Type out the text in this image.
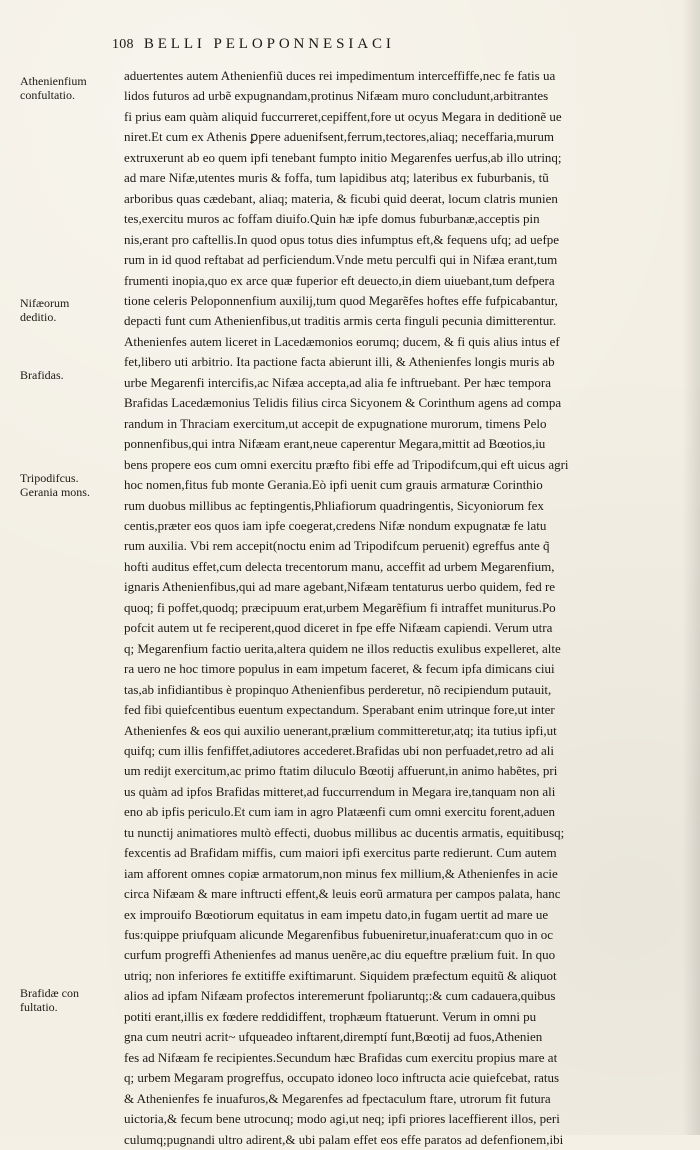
108 BELLI PELOPONNESIACI
Athenienfium
confultatio.
Nifæorum
deditio.
Brafidas.
Tripodifcus.
Gerania mons.
Brafidæ con
fultatio.
aduertentes autem Athenienfiũ duces rei impedimentum interceffiffe,nec fe fatis ua
lidos futuros ad urbẽ expugnandam,protinus Nifæam muro concludunt,arbitrantes
fi prius eam quàm aliquid fuccurreret,cepiffent,fore ut ocyus Megara in deditionẽ ue
niret.Et cum ex Athenis ꝑpere aduenifsent,ferrum,tectores,aliaq; neceffaria,murum
extruxerunt ab eo quem ipfi tenebant fumpto initio Megarenfes uerfus,ab illo utrinq;
ad mare Nifæ,utentes muris & foffa, tum lapidibus atq; lateribus ex fuburbanis, tũ
arboribus quas cædebant, aliaq; materia, & ficubi quid deerat, locum clatris munien
tes,exercitu muros ac foffam diuifo.Quin hæ ipfe domus fuburbanæ,acceptis pin
nis,erant pro caftellis.In quod opus totus dies infumptus eft,& fequens ufq; ad uefpe
rum in id quod reftabat ad perficiendum.Vnde metu perculfi qui in Nifæa erant,tum
frumenti inopia,quo ex arce quæ fuperior eft deuecto,in diem uiuebant,tum defpera
tione celeris Peloponnenfium auxilij,tum quod Megarẽfes hoftes effe fufpicabantur,
depacti funt cum Athenienfibus,ut traditis armis certa finguli pecunia dimitterentur.
Athenienfes autem liceret in Lacedæmonios eorumq; ducem, & fi quis alius intus ef
fet,libero uti arbitrio. Ita pactione facta abierunt illi, & Athenienfes longis muris ab
urbe Megarenfi intercifis,ac Nifæa accepta,ad alia fe inftruebant. Per hæc tempora
Brafidas Lacedæmonius Telidis filius circa Sicyonem & Corinthum agens ad compa
randum in Thraciam exercitum,ut accepit de expugnatione murorum, timens Pelo
ponnenfibus,qui intra Nifæam erant,neue caperentur Megara,mittit ad Bœotios,iu
bens propere eos cum omni exercitu præfto fibi effe ad Tripodifcum,qui eft uicus agri
hoc nomen,fitus fub monte Gerania.Eò ipfi uenit cum grauis armaturæ Corinthio
rum duobus millibus ac feptingentis,Phliafiorum quadringentis, Sicyoniorum fex
centis,præter eos quos iam ipfe coegerat,credens Nifæ nondum expugnatæ fe latu
rum auxilia. Vbi rem accepit(noctu enim ad Tripodifcum peruenit) egreffus ante q̃
hofti auditus effet,cum delecta trecentorum manu, acceffit ad urbem Megarenfium,
ignaris Athenienfibus,qui ad mare agebant,Nifæam tentaturus uerbo quidem, fed re
quoq; fi poffet,quodq; præcipuum erat,urbem Megarẽfium fi intraffet muniturus.Po
pofcit autem ut fe reciperent,quod diceret in fpe effe Nifæam capiendi. Verum utra
q; Megarenfium factio uerita,altera quidem ne illos reductis exulibus expelleret, alte
ra uero ne hoc timore populus in eam impetum faceret, & fecum ipfa dimicans ciui
tas,ab infidiantibus è propinquo Athenienfibus perderetur, nõ recipiendum putauit,
fed fibi quiefcentibus euentum expectandum. Sperabant enim utrinque fore,ut inter
Athenienfes & eos qui auxilio uenerant,prælium committeretur,atq; ita tutius ipfi,ut
quifq; cum illis fenfiffet,adiutores accederet.Brafidas ubi non perfuadet,retro ad ali
um redijt exercitum,ac primo ftatim diluculo Bœotij affuerunt,in animo habẽtes, pri
us quàm ad ipfos Brafidas mitteret,ad fuccurrendum in Megara ire,tanquam non ali
eno ab ipfis periculo.Et cum iam in agro Platæenfi cum omni exercitu forent,aduen
tu nunctij animatiores multò effecti, duobus millibus ac ducentis armatis, equitibusq;
fexcentis ad Brafidam miffis, cum maiori ipfi exercitus parte redierunt. Cum autem
iam afforent omnes copiæ armatorum,non minus fex millium,& Athenienfes in acie
circa Nifæam & mare inftructi effent,& leuis eorũ armatura per campos palata, hanc
ex improuifo Bœotiorum equitatus in eam impetu dato,in fugam uertit ad mare ue
fus:quippe priufquam alicunde Megarenfibus fubueniretur,inuaferat:cum quo in oc
curfum progreffi Athenienfes ad manus uenẽre,ac diu equeftre prælium fuit. In quo
utriq; non inferiores fe extitiffe exiftimarunt. Siquidem præfectum equitũ & aliquot
alios ad ipfam Nifæam profectos interemerunt fpoliaruntq;:& cum cadauera,quibus
potiti erant,illis ex fœdere reddidiffent, trophæum ftatuerunt. Verum in omni pu
gna cum neutri acrit~ ufqueadeo inftarent,diremptí funt,Bœotij ad fuos,Athenien
fes ad Nifæam fe recipientes.Secundum hæc Brafidas cum exercitu propius mare at
q; urbem Megaram progreffus, occupato idoneo loco inftructa acie quiefcebat, ratus
& Athenienfes fe inuafuros,& Megarenfes ad fpectaculum ftare, utrorum fit futura
uictoria,& fecum bene utrocunq; modo agi,ut neq; ipfi priores laceffierent illos, peri
culumq;pugnandi ultro adirent,& ubi palam effet eos effe paratos ad defenfionem,ibi
